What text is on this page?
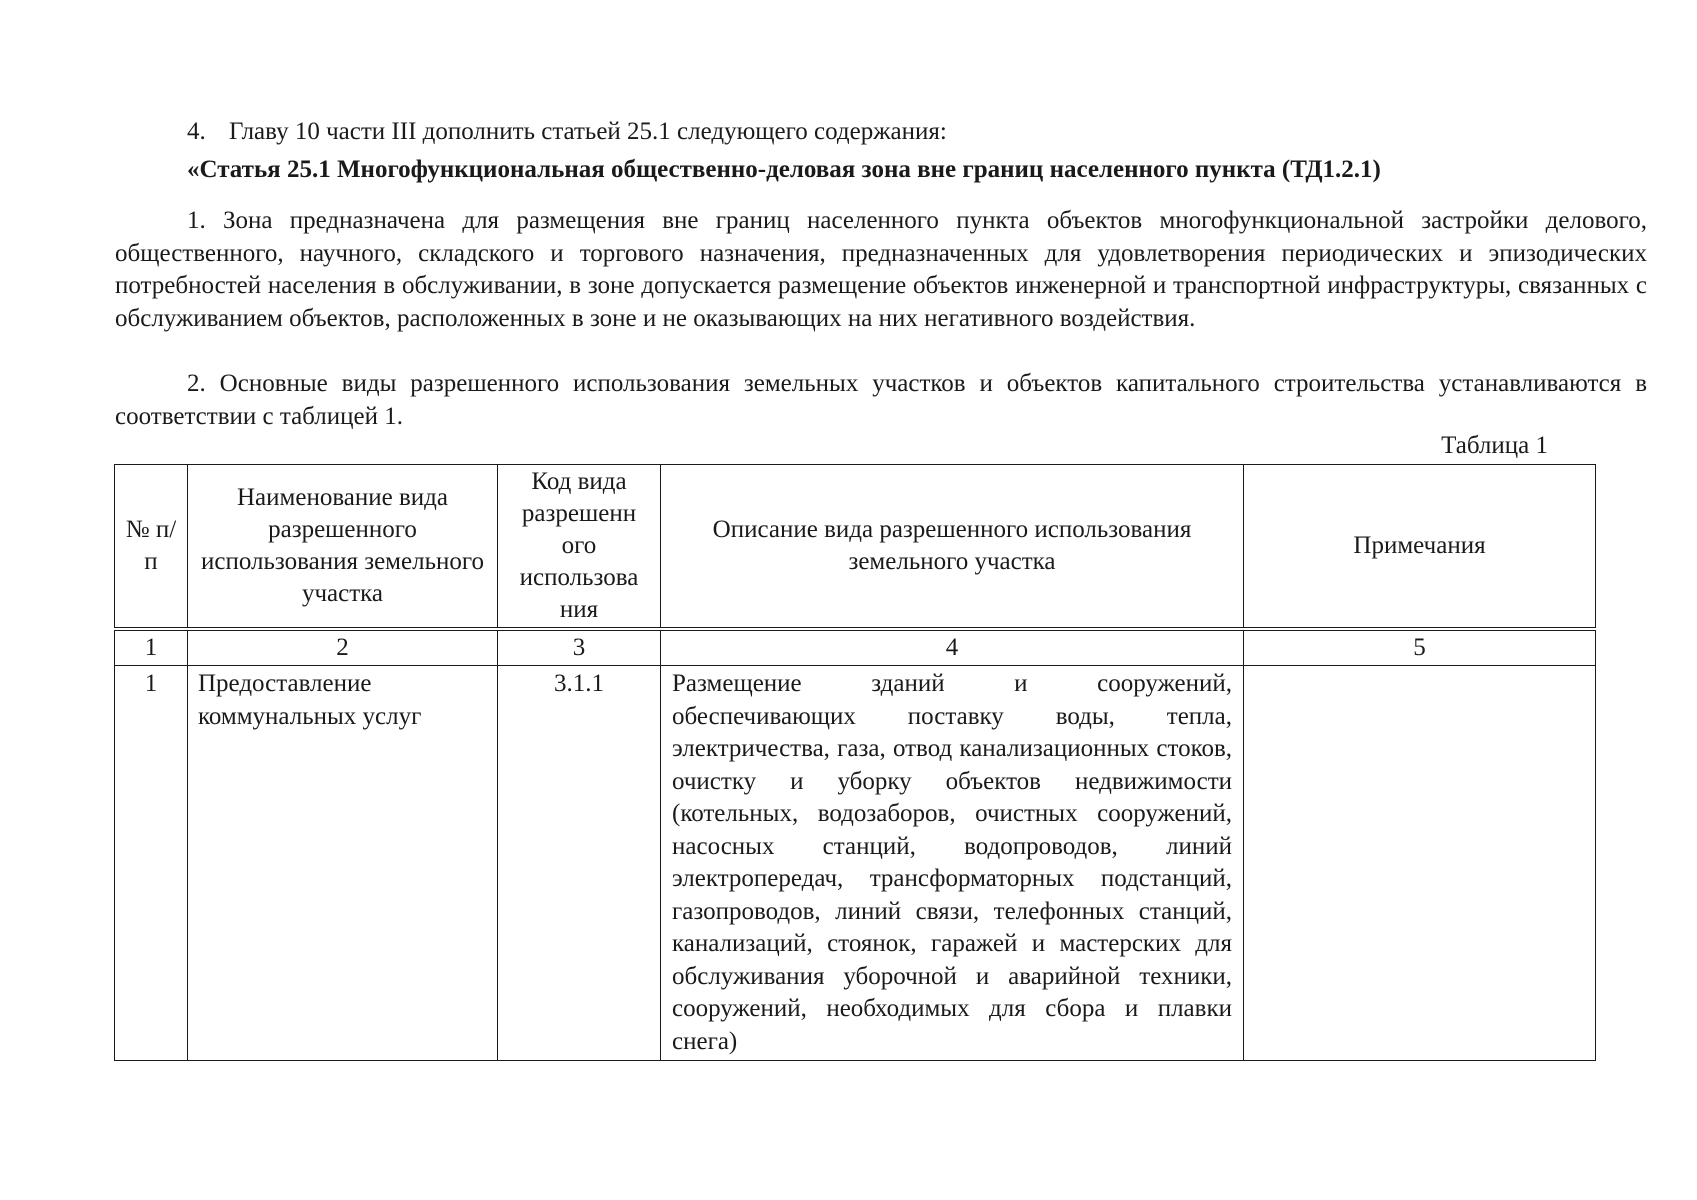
4. Главу 10 части III дополнить статьей 25.1 следующего содержания:
«Статья 25.1 Многофункциональная общественно-деловая зона вне границ населенного пункта (ТД1.2.1)

1. Зона предназначена для размещения вне границ населенного пункта объектов многофункциональной застройки делового, общественного, научного, складского и торгового назначения, предназначенных для удовлетворения периодических и эпизодических потребностей населения в обслуживании, в зоне допускается размещение объектов инженерной и транспортной инфраструктуры, связанных с обслуживанием объектов, расположенных в зоне и не оказывающих на них негативного воздействия.

2. Основные виды разрешенного использования земельных участков и объектов капитального строительства устанавливаются в соответствии с таблицей 1.

Таблица 1
№ п/п	Наименование вида разрешенного использования земельного участка	Код вида разрешенн ого использова ния	Описание вида разрешенного использования земельного участка	Примечания
1	2	3	4	5
1	Предоставление коммунальных услуг	3.1.1	Размещение зданий и сооружений, обеспечивающих поставку воды, тепла, электричества, газа, отвод канализационных стоков, очистку и уборку объектов недвижимости (котельных, водозаборов, очистных сооружений, насосных станций, водопроводов, линий электропередач, трансформаторных подстанций, газопроводов, линий связи, телефонных станций, канализаций, стоянок, гаражей и мастерских для обслуживания уборочной и аварийной техники, сооружений, необходимых для сбора и плавки снега)	
